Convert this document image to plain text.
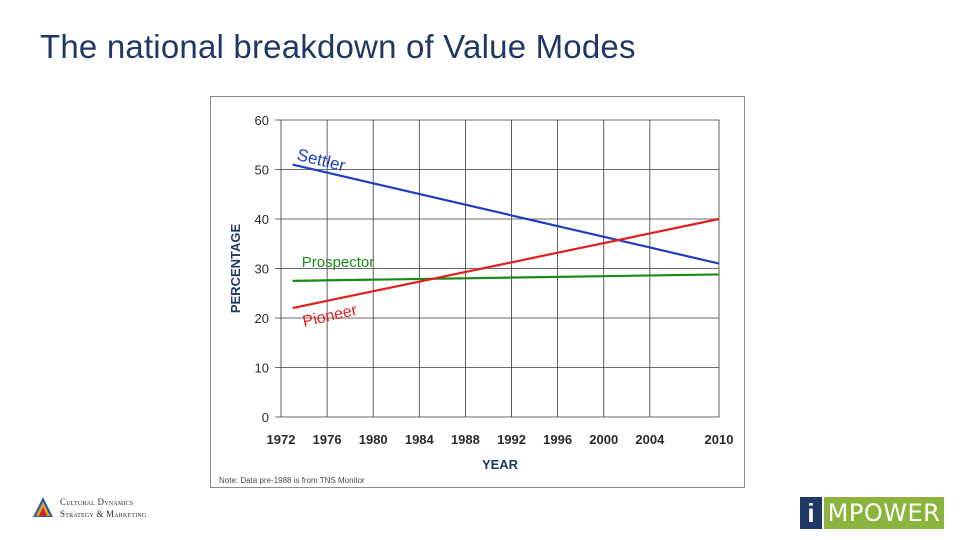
The national breakdown of Value Modes
0
10
20
30
40
50
60
1972 1976 1980 1984 1988 1992 1996 2000 2004	2010
YEAR
PERCENTAGE
Settler
Prospector
Pioneer
Note: Data pre-1988 is from TNS Monitor
Cultural Dynamics
Strategy & Marketing	i MPOWER
